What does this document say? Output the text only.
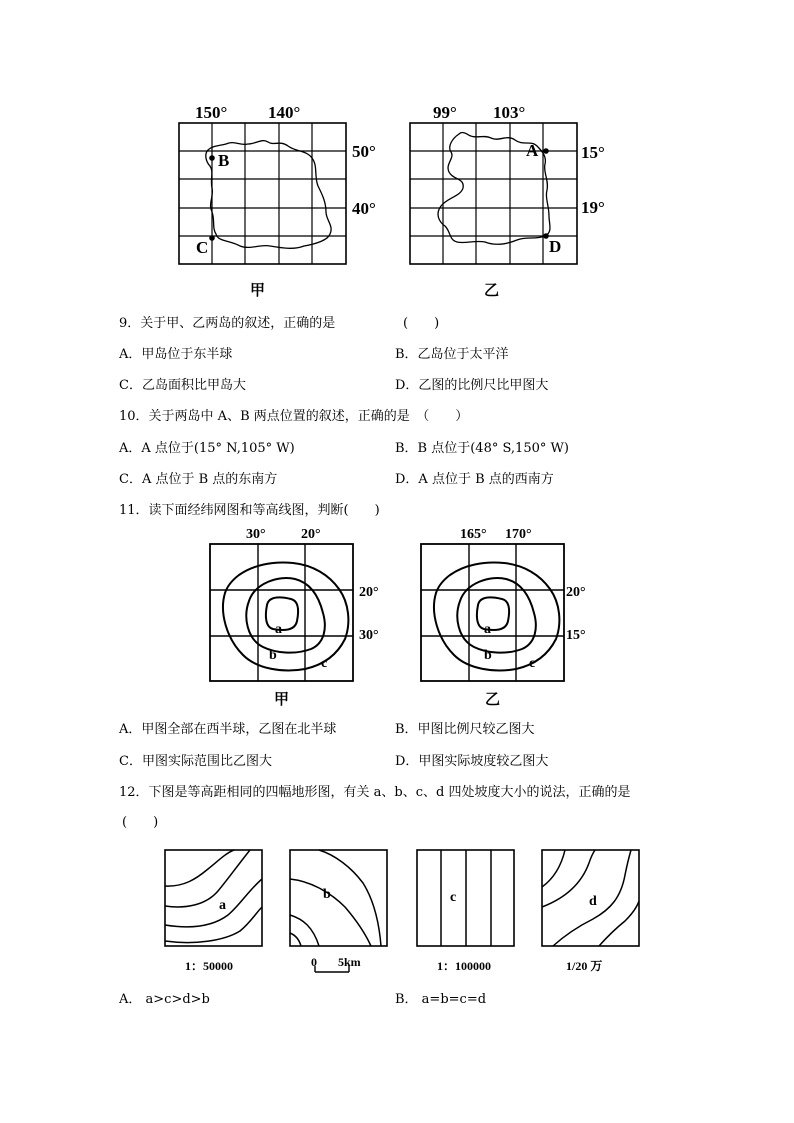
150° 140°
B
C
50°
40°
甲
99° 103°
A
D
15°
19°
乙
9．关于甲、乙两岛的叙述，正确的是	(　　)
A．甲岛位于东半球	B．乙岛位于太平洋
C．乙岛面积比甲岛大	D．乙图的比例尺比甲图大
10．关于两岛中 A、B 两点位置的叙述，正确的是　（　　）
A．A 点位于(15° N,105° W)	B．B 点位于(48° S,150° W)
C．A 点位于 B 点的东南方	D．A 点位于 B 点的西南方
11．读下面经纬网图和等高线图，判断(　　)
30°	20°
a
b
c
20°
30°
甲
165° 170°
a
b
c
20°
15°
乙
A．甲图全部在西半球，乙图在北半球	B．甲图比例尺较乙图大
C．甲图实际范围比乙图大	D．甲图实际坡度较乙图大
12．下图是等高距相同的四幅地形图，有关 a、b、c、d 四处坡度大小的说法，正确的是
(　　)
a
1：50000
b
0 5km
c
1：100000
d
1/20 万
A． a>c>d>b	B． a=b=c=d
